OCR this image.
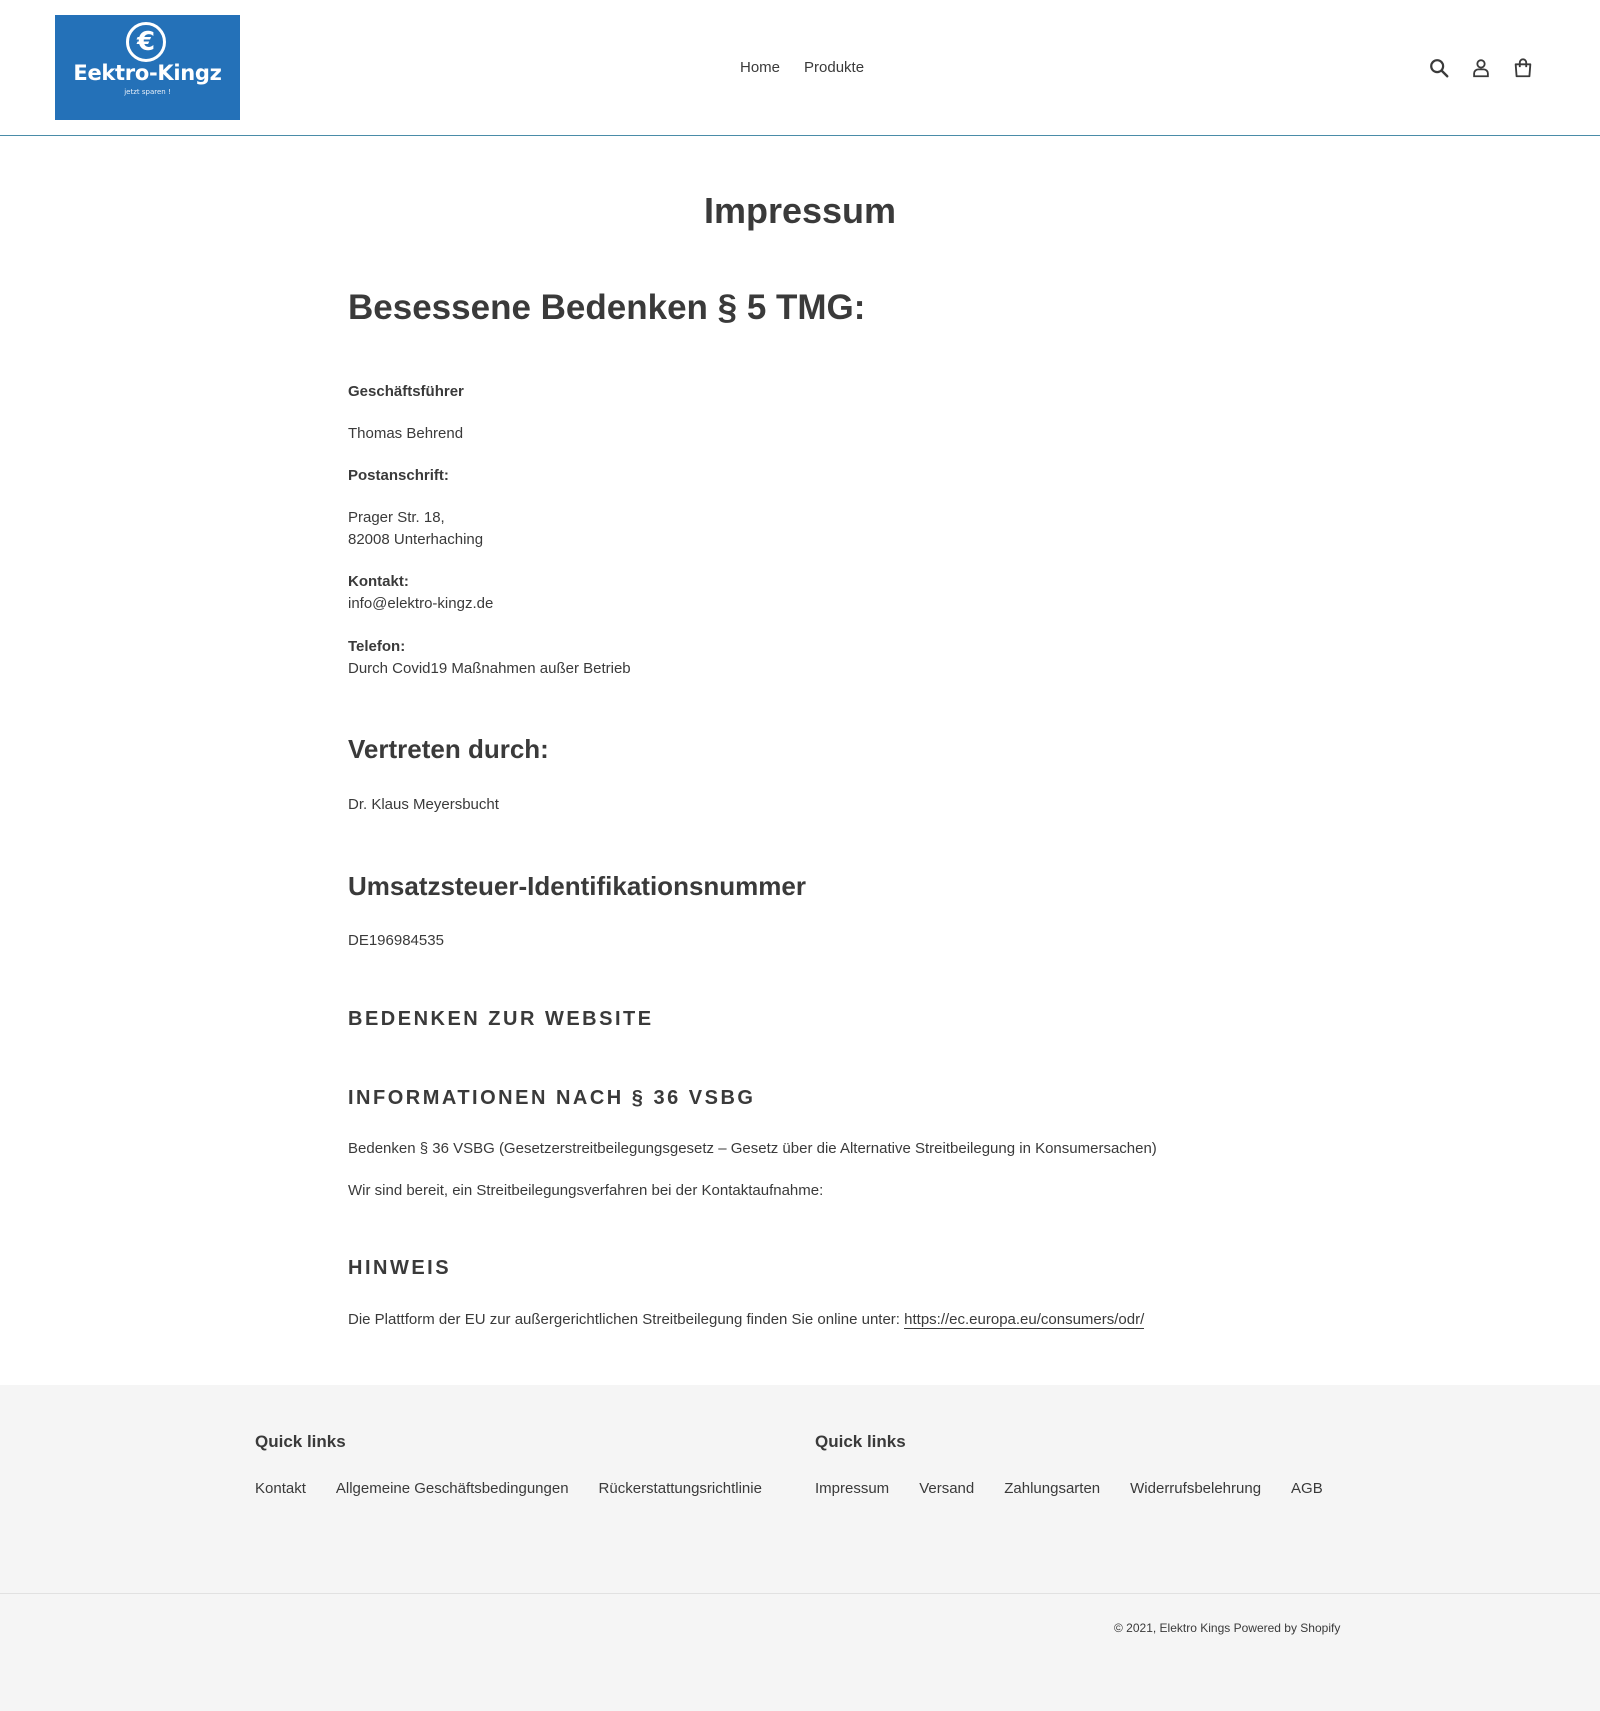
€
Eektro-Kingz
jetzt sparen !
Home Produkte
Impressum
Besessene Bedenken § 5 TMG:
Geschäftsführer
Thomas Behrend
Postanschrift:
Prager Str. 18,
82008 Unterhaching
Kontakt:
info@elektro-kingz.de
Telefon:
Durch Covid19 Maßnahmen außer Betrieb
Vertreten durch:
Dr. Klaus Meyersbucht
Umsatzsteuer-Identifikationsnummer
DE196984535
BEDENKEN ZUR WEBSITE
INFORMATIONEN NACH § 36 VSBG
Bedenken § 36 VSBG (Gesetzerstreitbeilegungsgesetz – Gesetz über die Alternative Streitbeilegung in Konsumersachen)
Wir sind bereit, ein Streitbeilegungsverfahren bei der Kontaktaufnahme:
HINWEIS
Die Plattform der EU zur außergerichtlichen Streitbeilegung finden Sie online unter: https://ec.europa.eu/consumers/odr/
Quick links
Kontakt Allgemeine Geschäftsbedingungen Rückerstattungsrichtlinie
Quick links
Impressum Versand Zahlungsarten Widerrufsbelehrung AGB
© 2021, Elektro Kings Powered by Shopify
